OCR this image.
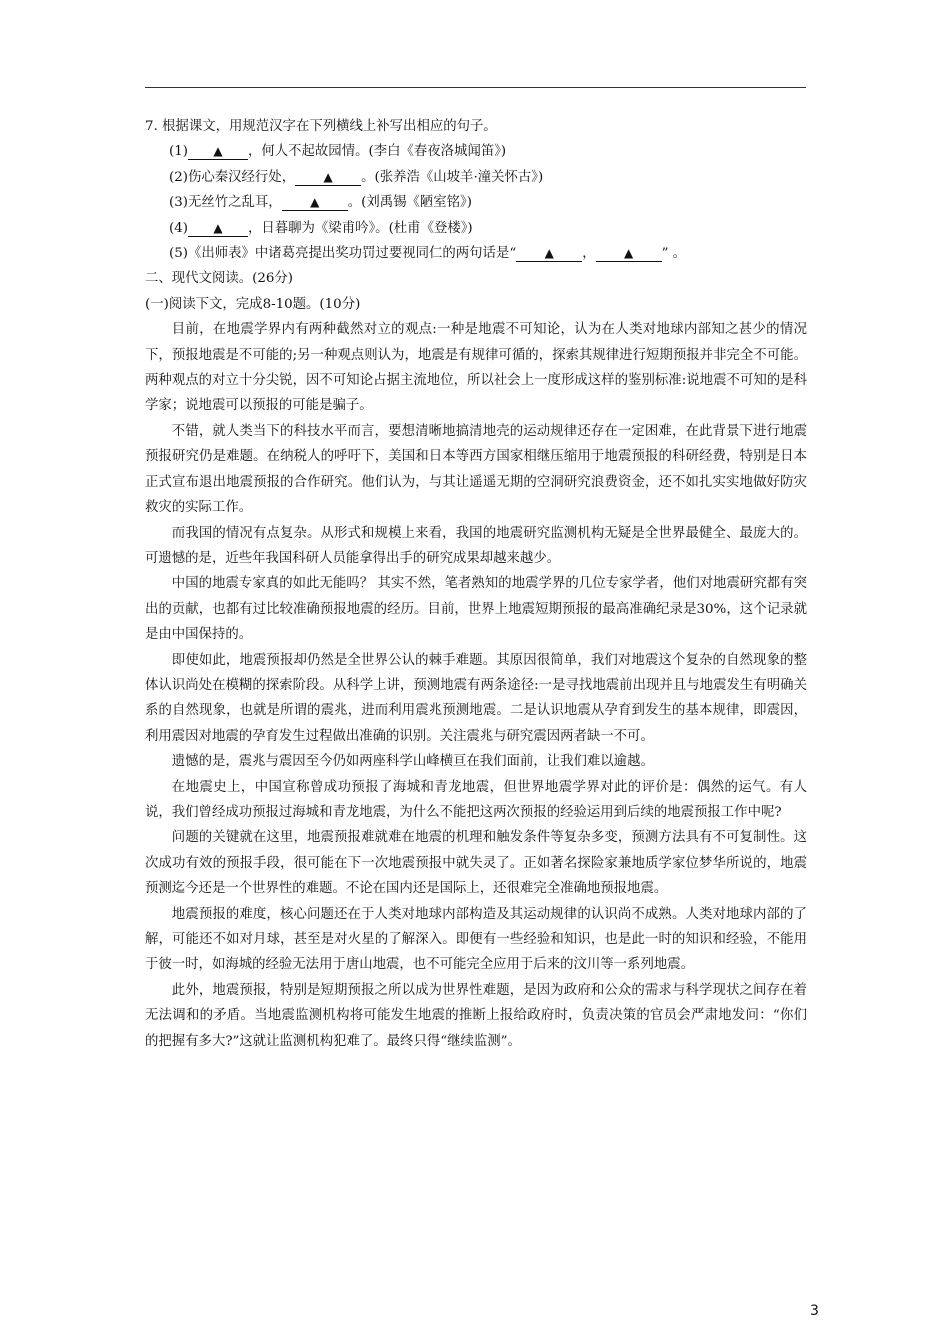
7. 根据课文，用规范汉字在下列横线上补写出相应的句子。
(1) ▲ ，何人不起故园情。(李白《春夜洛城闻笛》)
(2)伤心秦汉经行处， ▲ 。(张养浩《山坡羊·潼关怀古》)
(3)无丝竹之乱耳， ▲ 。(刘禹锡《陋室铭》)
(4) ▲ ，日暮聊为《梁甫吟》。(杜甫《登楼》)
(5)《出师表》中诸葛亮提出奖功罚过要视同仁的两句话是“ ▲ ， ▲ ” 。
二、现代文阅读。(26分)
(一)阅读下文，完成8-10题。(10分)

目前，在地震学界内有两种截然对立的观点:一种是地震不可知论，认为在人类对地球内部知之甚少的情况下，预报地震是不可能的;另一种观点则认为，地震是有规律可循的，探索其规律进行短期预报并非完全不可能。两种观点的对立十分尖锐，因不可知论占据主流地位，所以社会上一度形成这样的鉴别标准:说地震不可知的是科学家；说地震可以预报的可能是骗子。

不错，就人类当下的科技水平而言，要想清晰地搞清地壳的运动规律还存在一定困难，在此背景下进行地震预报研究仍是难题。在纳税人的呼吁下，美国和日本等西方国家相继压缩用于地震预报的科研经费，特别是日本正式宣布退出地震预报的合作研究。他们认为，与其让遥遥无期的空洞研究浪费资金，还不如扎实实地做好防灾救灾的实际工作。

而我国的情况有点复杂。从形式和规模上来看，我国的地震研究监测机构无疑是全世界最健全、最庞大的。可遗憾的是，近些年我国科研人员能拿得出手的研究成果却越来越少。

中国的地震专家真的如此无能吗？ 其实不然，笔者熟知的地震学界的几位专家学者，他们对地震研究都有突出的贡献，也都有过比较准确预报地震的经历。目前，世界上地震短期预报的最高准确纪录是30%，这个记录就是由中国保持的。

即使如此，地震预报却仍然是全世界公认的棘手难题。其原因很简单，我们对地震这个复杂的自然现象的整体认识尚处在模糊的探索阶段。从科学上讲，预测地震有两条途径:一是寻找地震前出现并且与地震发生有明确关系的自然现象，也就是所谓的震兆，进而利用震兆预测地震。二是认识地震从孕育到发生的基本规律，即震因，利用震因对地震的孕育发生过程做出准确的识别。关注震兆与研究震因两者缺一不可。

遗憾的是，震兆与震因至今仍如两座科学山峰横亘在我们面前，让我们难以逾越。

在地震史上，中国宣称曾成功预报了海城和青龙地震，但世界地震学界对此的评价是：偶然的运气。有人说，我们曾经成功预报过海城和青龙地震，为什么不能把这两次预报的经验运用到后续的地震预报工作中呢?

问题的关键就在这里，地震预报难就难在地震的机理和触发条件等复杂多变，预测方法具有不可复制性。这次成功有效的预报手段，很可能在下一次地震预报中就失灵了。正如著名探险家兼地质学家位梦华所说的，地震预测迄今还是一个世界性的难题。不论在国内还是国际上，还很难完全准确地预报地震。

地震预报的难度，核心问题还在于人类对地球内部构造及其运动规律的认识尚不成熟。人类对地球内部的了解，可能还不如对月球，甚至是对火星的了解深入。即便有一些经验和知识，也是此一时的知识和经验，不能用于彼一时，如海城的经验无法用于唐山地震，也不可能完全应用于后来的汶川等一系列地震。

此外，地震预报，特别是短期预报之所以成为世界性难题，是因为政府和公众的需求与科学现状之间存在着无法调和的矛盾。当地震监测机构将可能发生地震的推断上报给政府时，负责决策的官员会严肃地发问：“你们的把握有多大?”这就让监测机构犯难了。最终只得“继续监测”。

3
